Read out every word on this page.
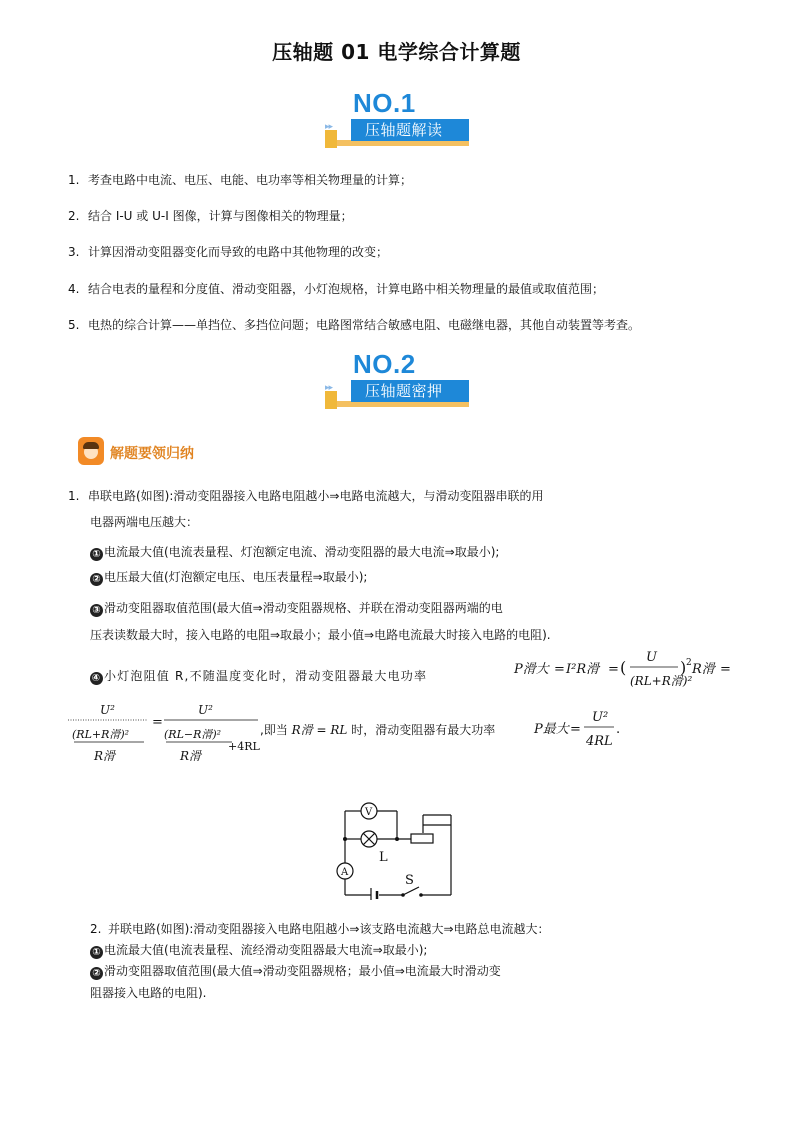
压轴题 01 电学综合计算题
▸▸
NO.1
压轴题解读
1. 考查电路中电流、电压、电能、电功率等相关物理量的计算；
2. 结合 I-U 或 U-I 图像，计算与图像相关的物理量；
3. 计算因滑动变阻器变化而导致的电路中其他物理的改变；
4. 结合电表的量程和分度值、滑动变阻器，小灯泡规格，计算电路中相关物理量的最值或取值范围；
5. 电热的综合计算——单挡位、多挡位问题；电路图常结合敏感电阻、电磁继电器，其他自动装置等考查。
▸▸
NO.2
压轴题密押
解题要领归纳
1. 串联电路(如图):滑动变阻器接入电路电阻越小⇒电路电流越大，与滑动变阻器串联的用
电器两端电压越大：
① 电流最大值(电流表量程、灯泡额定电流、滑动变阻器的最大电流⇒取最小);
② 电压最大值(灯泡额定电压、电压表量程⇒取最小);
③ 滑动变阻器取值范围(最大值⇒滑动变阻器规格、并联在滑动变阻器两端的电
压表读数最大时，接入电路的电阻⇒取最小；最小值⇒电路电流最大时接入电路的电阻).
④ 小灯泡阻值 R,不随温度变化时，滑动变阻器最大电功率	P滑大 = I²R滑 = (
U
(RL+R滑)²
) 2 R滑 =
U²
(RL+R滑)²
R滑
=
U²
(RL−R滑)²
R滑
+4RL
,即当 R滑 = RL 时，滑动变阻器有最大功率	P最大 =
U²
4RL
.
V
A
L
S
2. 并联电路(如图):滑动变阻器接入电路电阻越小⇒该支路电流越大⇒电路总电流越大：
① 电流最大值(电流表量程、流经滑动变阻器最大电流⇒取最小);
② 滑动变阻器取值范围(最大值⇒滑动变阻器规格；最小值⇒电流最大时滑动变
阻器接入电路的电阻).
